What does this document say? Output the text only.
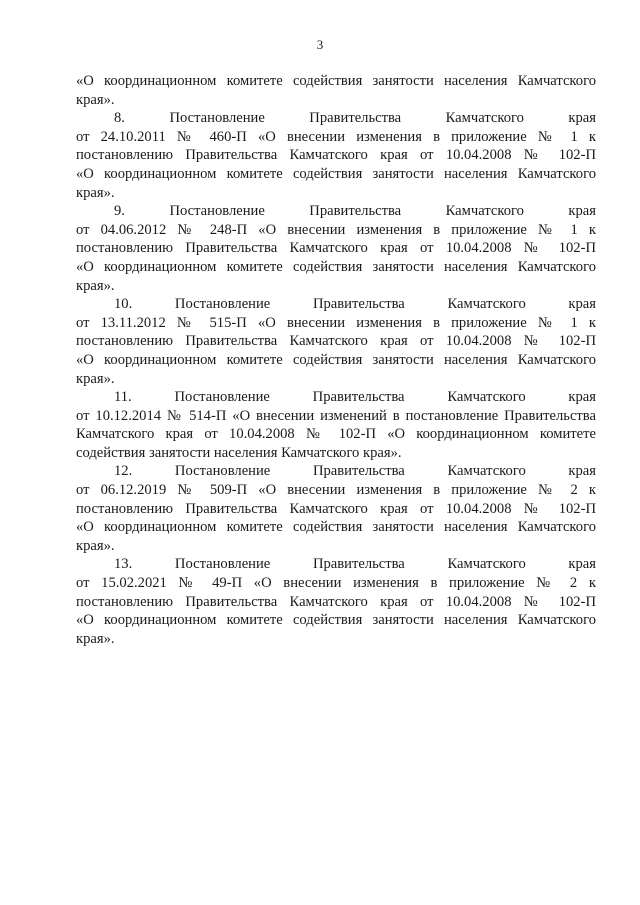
3
«О координационном комитете содействия занятости населения Камчатского
края».
8. Постановление Правительства Камчатского края
от 24.10.2011 № 460-П «О внесении изменения в приложение № 1 к
постановлению Правительства Камчатского края от 10.04.2008 № 102-П
«О координационном комитете содействия занятости населения Камчатского
края».
9. Постановление Правительства Камчатского края
от 04.06.2012 № 248-П «О внесении изменения в приложение № 1 к
постановлению Правительства Камчатского края от 10.04.2008 № 102-П
«О координационном комитете содействия занятости населения Камчатского
края».
10. Постановление Правительства Камчатского края
от 13.11.2012 № 515-П «О внесении изменения в приложение № 1 к
постановлению Правительства Камчатского края от 10.04.2008 № 102-П
«О координационном комитете содействия занятости населения Камчатского
края».
11. Постановление Правительства Камчатского края
от 10.12.2014 № 514-П «О внесении изменений в постановление Правительства
Камчатского края от 10.04.2008 № 102-П «О координационном комитете
содействия занятости населения Камчатского края».
12. Постановление Правительства Камчатского края
от 06.12.2019 № 509-П «О внесении изменения в приложение № 2 к
постановлению Правительства Камчатского края от 10.04.2008 № 102-П
«О координационном комитете содействия занятости населения Камчатского
края».
13. Постановление Правительства Камчатского края
от 15.02.2021 № 49-П «О внесении изменения в приложение № 2 к
постановлению Правительства Камчатского края от 10.04.2008 № 102-П
«О координационном комитете содействия занятости населения Камчатского
края».
